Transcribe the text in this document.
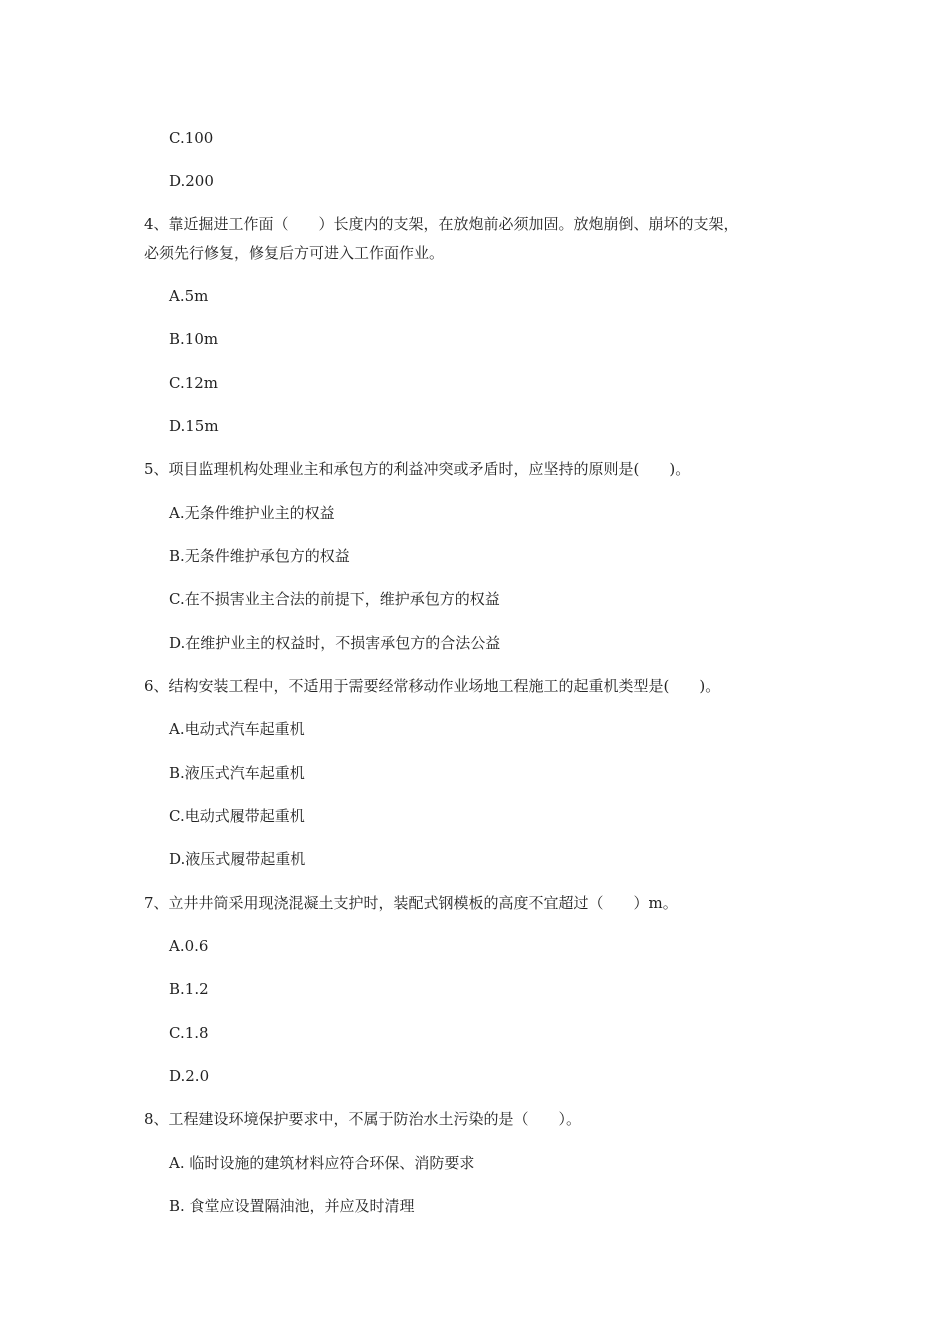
C.100
D.200
4、靠近掘进工作面（　　）长度内的支架，在放炮前必须加固。放炮崩倒、崩坏的支架，
必须先行修复，修复后方可进入工作面作业。
A.5m
B.10m
C.12m
D.15m
5、项目监理机构处理业主和承包方的利益冲突或矛盾时，应坚持的原则是(　　)。
A.无条件维护业主的权益
B.无条件维护承包方的权益
C.在不损害业主合法的前提下，维护承包方的权益
D.在维护业主的权益时，不损害承包方的合法公益
6、结构安装工程中，不适用于需要经常移动作业场地工程施工的起重机类型是(　　)。
A.电动式汽车起重机
B.液压式汽车起重机
C.电动式履带起重机
D.液压式履带起重机
7、立井井筒采用现浇混凝土支护时，装配式钢模板的高度不宜超过（　　）m。
A.0.6
B.1.2
C.1.8
D.2.0
8、工程建设环境保护要求中，不属于防治水土污染的是（　　）。
A. 临时设施的建筑材料应符合环保、消防要求
B. 食堂应设置隔油池，并应及时清理
